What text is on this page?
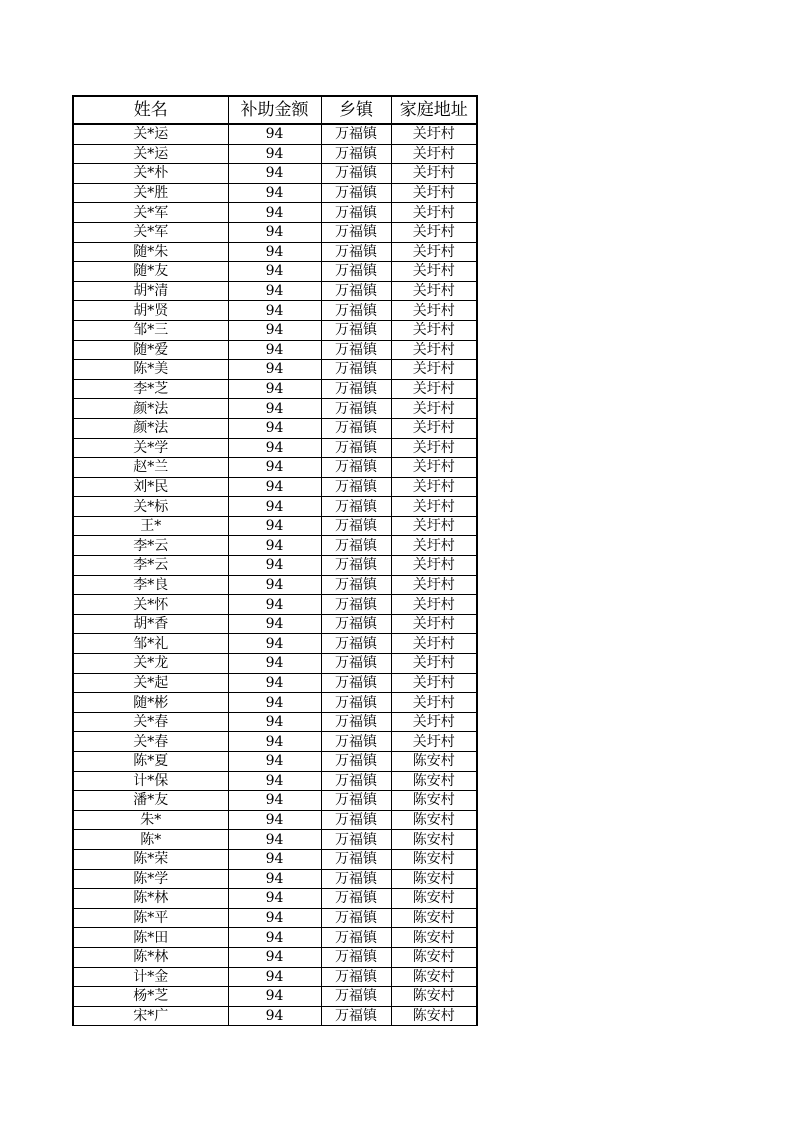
姓名	补助金额	乡镇	家庭地址
关*运	94	万福镇	关圩村
关*运	94	万福镇	关圩村
关*朴	94	万福镇	关圩村
关*胜	94	万福镇	关圩村
关*军	94	万福镇	关圩村
关*军	94	万福镇	关圩村
随*朱	94	万福镇	关圩村
随*友	94	万福镇	关圩村
胡*清	94	万福镇	关圩村
胡*贤	94	万福镇	关圩村
邹*三	94	万福镇	关圩村
随*爱	94	万福镇	关圩村
陈*美	94	万福镇	关圩村
李*芝	94	万福镇	关圩村
颜*法	94	万福镇	关圩村
颜*法	94	万福镇	关圩村
关*学	94	万福镇	关圩村
赵*兰	94	万福镇	关圩村
刘*民	94	万福镇	关圩村
关*标	94	万福镇	关圩村
王*	94	万福镇	关圩村
李*云	94	万福镇	关圩村
李*云	94	万福镇	关圩村
李*良	94	万福镇	关圩村
关*怀	94	万福镇	关圩村
胡*香	94	万福镇	关圩村
邹*礼	94	万福镇	关圩村
关*龙	94	万福镇	关圩村
关*起	94	万福镇	关圩村
随*彬	94	万福镇	关圩村
关*春	94	万福镇	关圩村
关*春	94	万福镇	关圩村
陈*夏	94	万福镇	陈安村
计*保	94	万福镇	陈安村
潘*友	94	万福镇	陈安村
朱*	94	万福镇	陈安村
陈*	94	万福镇	陈安村
陈*荣	94	万福镇	陈安村
陈*学	94	万福镇	陈安村
陈*林	94	万福镇	陈安村
陈*平	94	万福镇	陈安村
陈*田	94	万福镇	陈安村
陈*林	94	万福镇	陈安村
计*金	94	万福镇	陈安村
杨*芝	94	万福镇	陈安村
宋*广	94	万福镇	陈安村
